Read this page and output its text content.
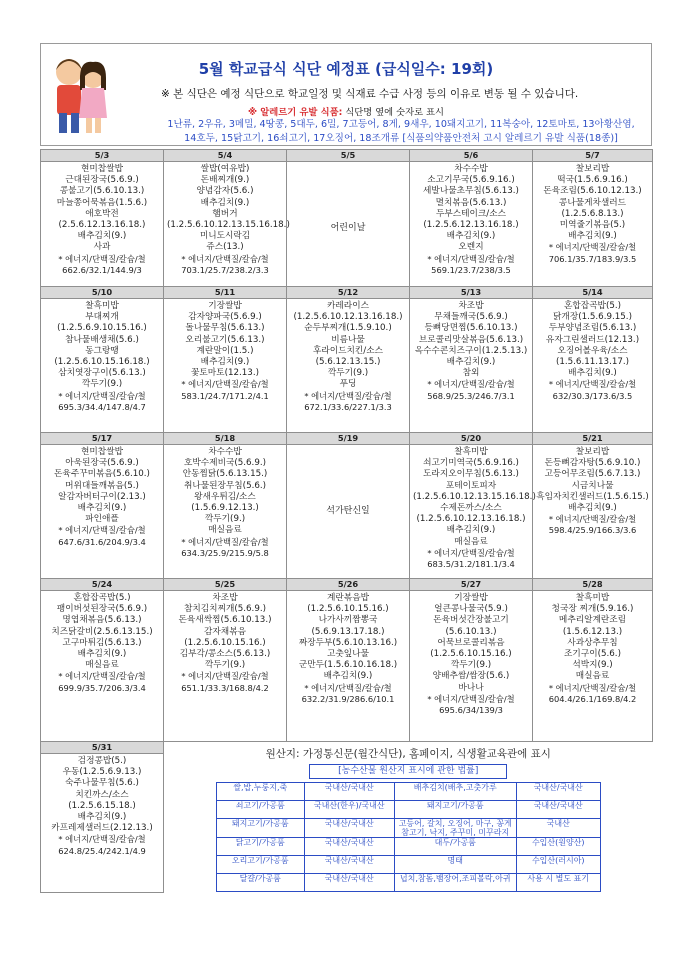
5월 학교급식 식단 예정표 (급식일수: 19회)
※ 본 식단은 예정 식단으로 학교일정 및 식재료 수급 사정 등의 이유로 변동 될 수 있습니다.
※ 알레르기 유발 식품: 식단명 옆에 숫자로 표시
1난류, 2우유, 3메밀, 4땅콩, 5대두, 6밀, 7고등어, 8게, 9새우, 10돼지고기, 11복숭아, 12토마토, 13아황산염,
14호두, 15닭고기, 16쇠고기, 17오징어, 18조개류 [식품의약품안전처 고시 알레르기 유발 식품(18종)]
5/3
현미찹쌀밥
근대된장국(5.6.9.)
콩불고기(5.6.10.13.)
마늘쫑어묵볶음(1.5.6.)
애호박전(2.5.6.12.13.16.18.)
배추김치(9.)
사과
* 에너지/단백질/칼슘/철 662.6/32.1/144.9/3

5/4
쌀밥(여유밥)
돈배찌개(9.)
양념감자(5.6.)
배추김치(9.)
햄버거(1.2.5.6.10.12.13.15.16.18.)
미니도시락김
쥬스(13.)
* 에너지/단백질/칼슘/철 703.1/25.7/238.2/3.3

5/5
어린이날

5/6
차수수밥
소고기무국(5.6.9.16.)
세발나물초무침(5.6.13.)
멸치볶음(5.6.13.)
두부스테이크/소스(1.2.5.6.12.13.16.18.)
배추김치(9.)
오렌지
* 에너지/단백질/칼슘/철 569.1/23.7/238/3.5

5/7
찰보리밥
떡국(1.5.6.9.16.)
돈육조림(5.6.10.12.13.)
콩나물게차샐러드(1.2.5.6.8.13.)
미역줄기볶음(5.)
배추김치(9.)
* 에너지/단백질/칼슘/철 706.1/35.7/183.9/3.5

5/10
찰흑미밥
부대찌개(1.2.5.6.9.10.15.16.)
참나물배생채(5.6.)
동그랑땡(1.2.5.6.10.15.16.18.)
삼치엿장구이(5.6.13.)
깍두기(9.)
* 에너지/단백질/칼슘/철 695.3/34.4/147.8/4.7

5/11
기장쌀밥
감자양파국(5.6.9.)
돌나물무침(5.6.13.)
오리불고기(5.6.13.)
계란말이(1.5.)
배추김치(9.)
꽃토마토(12.13.)
* 에너지/단백질/칼슘/철 583.1/24.7/171.2/4.1

5/12
카레라이스(1.2.5.6.10.12.13.16.18.)
순두부찌개(1.5.9.10.)
비름나물
후라이드치킨/소스(5.6.12.13.15.)
깍두기(9.)
푸딩
* 에너지/단백질/칼슘/철 672.1/33.6/227.1/3.3

5/13
차조밥
무채들깨국(5.6.9.)
등뼈당면찜(5.6.10.13.)
브로콜리맛살볶음(5.6.13.)
옥수수콘치즈구이(1.2.5.13.)
배추김치(9.)
참외
* 에너지/단백질/칼슘/철 568.9/25.3/246.7/3.1

5/14
혼합잡곡밥(5.)
닭개장(1.5.6.9.15.)
두부양념조림(5.6.13.)
유자그린샐러드(12.13.)
오징어볼우육/소스(1.5.6.11.13.17.)
배추김치(9.)
* 에너지/단백질/칼슘/철 632/30.3/173.6/3.5

5/17
현미찹쌀밥
아욱된장국(5.6.9.)
돈육주꾸미볶음(5.6.10.)
머위대들깨볶음(5.)
알감자버터구이(2.13.)
배추김치(9.)
파인애플
* 에너지/단백질/칼슘/철 647.6/31.6/204.9/3.4

5/18
차수수밥
호박수제비국(5.6.9.)
안동찜닭(5.6.13.15.)
취나물된장무침(5.6.)
왕새우튀김/소스(1.5.6.9.12.13.)
깍두기(9.)
매실음료
* 에너지/단백질/칼슘/철 634.3/25.9/215.9/5.8

5/19
석가탄신일

5/20
찰흑미밥
쇠고기미역국(5.6.9.16.)
도라지오이무침(5.6.13.)
포테이토피자(1.2.5.6.10.12.13.15.16.18.)
수제돈까스/소스(1.2.5.6.10.12.13.16.18.)
배추김치(9.)
매실음료
* 에너지/단백질/칼슘/철 683.5/31.2/181.1/3.4

5/21
찰보리밥
돈등뼈감자탕(5.6.9.10.)
고등어무조림(5.6.7.13.)
시금치나물
흑임자치킨샐러드(1.5.6.15.)
배추김치(9.)
* 에너지/단백질/칼슘/철 598.4/25.9/166.3/3.6

5/24
혼합잡곡밥(5.)
팽이버섯된장국(5.6.9.)
명엽채볶음(5.6.13.)
치즈닭갈비(2.5.6.13.15.)
고구마튀김(5.6.13.)
배추김치(9.)
매실음료
* 에너지/단백질/칼슘/철 699.9/35.7/206.3/3.4

5/25
차조밥
참치김치찌개(5.6.9.)
돈육새싹찜(5.6.10.13.)
감자채볶음(1.2.5.6.10.15.16.)
김부각/콩소스(5.6.13.)
깍두기(9.)
* 에너지/단백질/칼슘/철 651.1/33.3/168.8/4.2

5/26
계란볶음밥(1.2.5.6.10.15.16.)
나가사끼짬뽕국(5.6.9.13.17.18.)
짜장두부(5.6.10.13.16.)
고춧잎나물
군만두(1.5.6.10.16.18.)
배추김치(9.)
* 에너지/단백질/칼슘/철 632.2/31.9/286.6/10.1

5/27
기장쌀밥
얼큰콩나물국(5.9.)
돈육버섯간장불고기(5.6.10.13.)
어묵브로콜리볶음(1.2.5.6.10.15.16.)
깍두기(9.)
양배추쌈/쌈장(5.6.)
바나나
* 에너지/단백질/칼슘/철 695.6/34/139/3

5/28
찰흑미밥
청국장 찌개(5.9.16.)
메추리알계란조림(1.5.6.12.13.)
사과상추무침
조기구이(5.6.)
석박지(9.)
매실음료
* 에너지/단백질/칼슘/철 604.4/26.1/169.8/4.2

5/31
검정콩밥(5.)
우동(1.2.5.6.9.13.)
숙주나물무침(5.6.)
치킨까스/소스(1.2.5.6.15.18.)
배추김치(9.)
카프레제샐러드(2.12.13.)
* 에너지/단백질/칼슘/철 624.8/25.4/242.1/4.9

원산지: 가정통신문(월간식단), 홈페이지, 식생활교육관에 표시
[농수산물 원산지 표시에 관한 법률]
쌀,밥,누룽지,죽	국내산/국내산	배추김치(배추,고춧가루	국내산/국내산
쇠고기/가공품	국내산(한우)/국내산	돼지고기/가공품	국내산/국내산
돼지고기/가공품	국내산/국내산	고등어, 갈치, 오징어, 마구, 꽁게
참고기, 낙지, 주꾸미, 미꾸라지	국내산
닭고기/가공품	국내산/국내산	대두/가공품	수입산(원양산)
오리고기/가공품	국내산/국내산	명태	수입산(러시아)
달걀/가공품	국내산/국내산	넙치,참돔,뱀장어,조피볼락,아귀	사용 시 별도 표기
